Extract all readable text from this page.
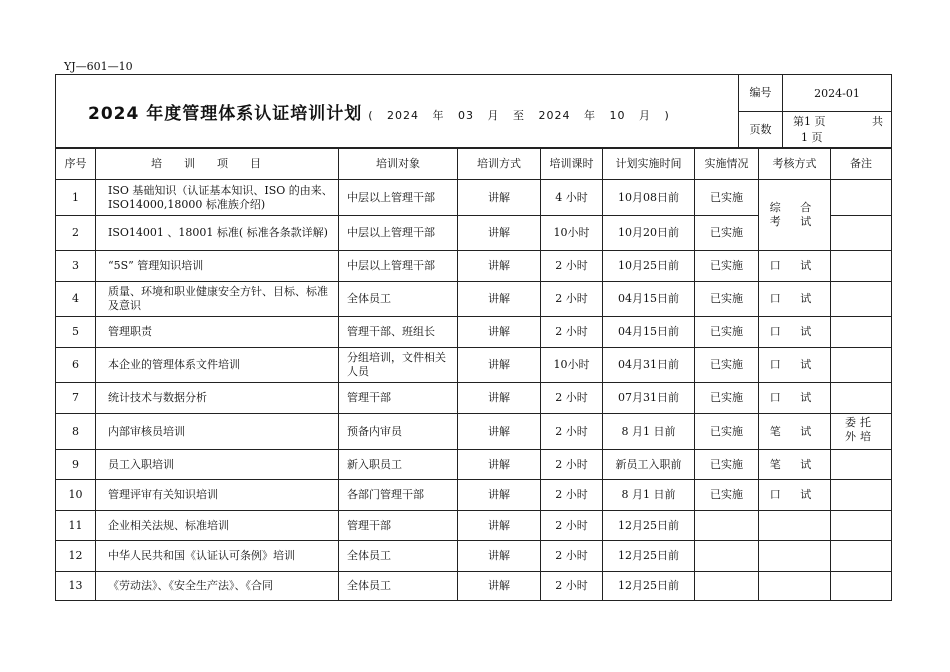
YJ—601—10
2024 年度管理体系认证培训计划 ( 2024 年 03 月 至 2024 年 10 月 )	编号	2024-01
	页数	第1 页 共
1 页
序号	培训项目	培训对象	培训方式	培训课时	计划实施时间	实施情况	考核方式	备注
1	ISO 基础知识（认证基本知识、ISO 的由来、ISO14000,18000 标准族介绍)	中层以上管理干部	讲解	4 小时	10月08日前	已实施	综 合 考 试	
2	ISO14001 、18001 标准( 标准各条款详解)	中层以上管理干部	讲解	10小时	10月20日前	已实施		
3	“5S” 管理知识培训	中层以上管理干部	讲解	2 小时	10月25日前	已实施	口 试	
4	质量、环境和职业健康安全方针、目标、标准及意识	全体员工	讲解	2 小时	04月15日前	已实施	口 试	
5	管理职责	管理干部、班组长	讲解	2 小时	04月15日前	已实施	口 试	
6	本企业的管理体系文件培训	分组培训，文件相关人员	讲解	10小时	04月31日前	已实施	口 试	
7	统计技术与数据分析	管理干部	讲解	2 小时	07月31日前	已实施	口 试	
8	内部审核员培训	预备内审员	讲解	2 小时	8 月1 日前	已实施	笔 试	委托外培
9	员工入职培训	新入职员工	讲解	2 小时	新员工入职前	已实施	笔 试	
10	管理评审有关知识培训	各部门管理干部	讲解	2 小时	8 月1 日前	已实施	口 试	
11	企业相关法规、标准培训	管理干部	讲解	2 小时	12月25日前			
12	中华人民共和国《认证认可条例》培训	全体员工	讲解	2 小时	12月25日前			
13	《劳动法》、《安全生产法》、《合同	全体员工	讲解	2 小时	12月25日前			
